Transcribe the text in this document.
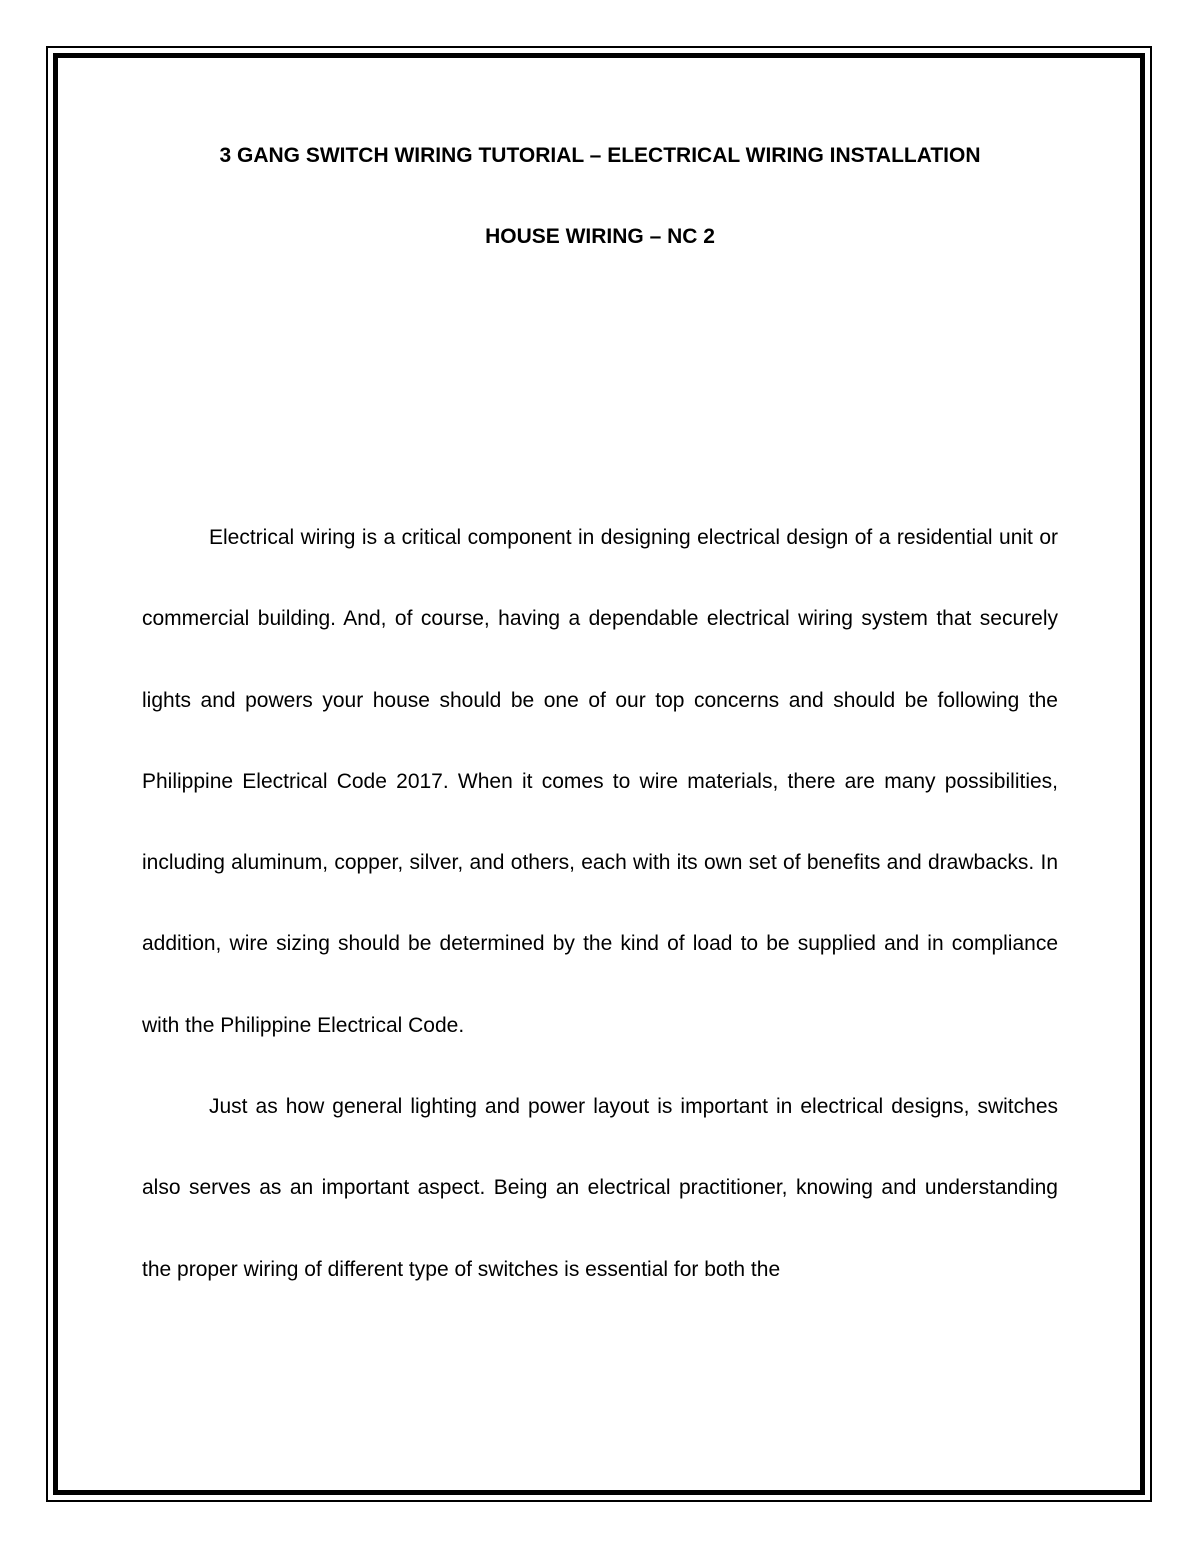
3 GANG SWITCH WIRING TUTORIAL – ELECTRICAL WIRING INSTALLATION

HOUSE WIRING – NC 2

Electrical wiring is a critical component in designing electrical design of a residential unit or commercial building. And, of course, having a dependable electrical wiring system that securely lights and powers your house should be one of our top concerns and should be following the Philippine Electrical Code 2017. When it comes to wire materials, there are many possibilities, including aluminum, copper, silver, and others, each with its own set of benefits and drawbacks. In addition, wire sizing should be determined by the kind of load to be supplied and in compliance with the Philippine Electrical Code.

Just as how general lighting and power layout is important in electrical designs, switches also serves as an important aspect. Being an electrical practitioner, knowing and understanding the proper wiring of different type of switches is essential for both the
